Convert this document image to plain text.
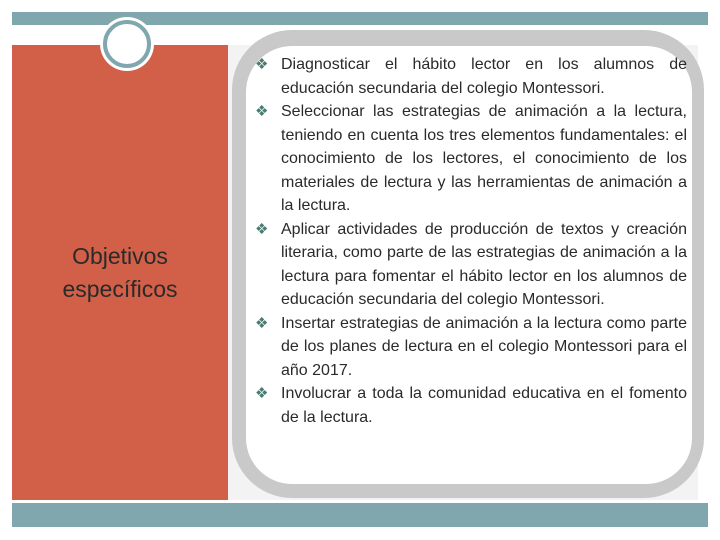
Objetivos
específicos
❖ Diagnosticar el hábito lector en los alumnos de educación secundaria del colegio Montessori.
❖ Seleccionar las estrategias de animación a la lectura, teniendo en cuenta los tres elementos fundamentales: el conocimiento de los lectores, el conocimiento de los materiales de lectura y las herramientas de animación a la lectura.
❖ Aplicar actividades de producción de textos y creación literaria, como parte de las estrategias de animación a la lectura para fomentar el hábito lector en los alumnos de educación secundaria del colegio Montessori.
❖ Insertar estrategias de animación a la lectura como parte de los planes de lectura en el colegio Montessori para el año 2017.
❖ Involucrar a toda la comunidad educativa en el fomento de la lectura.
